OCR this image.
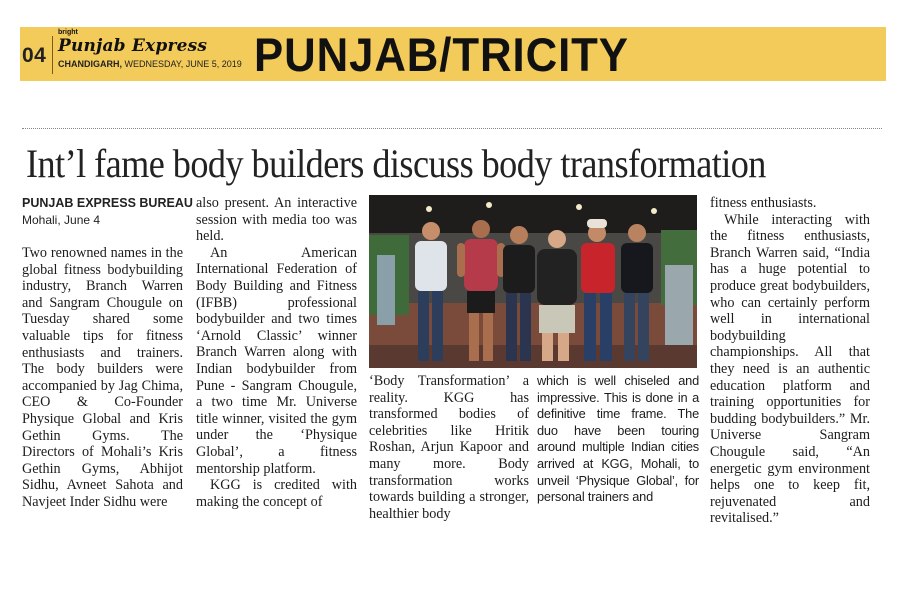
04
bright
Punjab Express
CHANDIGARH, WEDNESDAY, JUNE 5, 2019 PUNJAB/TRICITY
Int’l fame body builders discuss body transformation
PUNJAB EXPRESS BUREAU
Mohali, June 4

Two renowned names in the global fitness bodybuilding industry, Branch Warren and Sangram Chougule on Tuesday shared some valuable tips for fitness enthusiasts and trainers. The body builders were accompanied by Jag Chima, CEO & Co-Founder Physique Global and Kris Gethin Gyms. The Directors of Mohali’s Kris Gethin Gyms, Abhijot Sidhu, Avneet Sahota and Navjeet Inder Sidhu were

also present. An interactive session with media too was held.

An American International Federation of Body Building and Fitness (IFBB) professional bodybuilder and two times ‘Arnold Classic’ winner Branch Warren along with Indian bodybuilder from Pune - Sangram Chougule, a two time Mr. Universe title winner, visited the gym under the ‘Physique Global’, a fitness mentorship platform.

KGG is credited with making the concept of

‘Body Transformation’ a reality. KGG has transformed bodies of celebrities like Hritik Roshan, Arjun Kapoor and many more. Body transformation works towards building a stronger, healthier body

which is well chiseled and impressive. This is done in a definitive time frame. The duo have been touring around multiple Indian cities arrived at KGG, Mohali, to unveil ‘Physique Global’, for personal trainers and

fitness enthusiasts.

While interacting with the fitness enthusiasts, Branch Warren said, “India has a huge potential to produce great bodybuilders, who can certainly perform well in international bodybuilding championships. All that they need is an authentic education platform and training opportunities for budding bodybuilders.” Mr. Universe Sangram Chougule said, “An energetic gym environment helps one to keep fit, rejuvenated and revitalised.”
